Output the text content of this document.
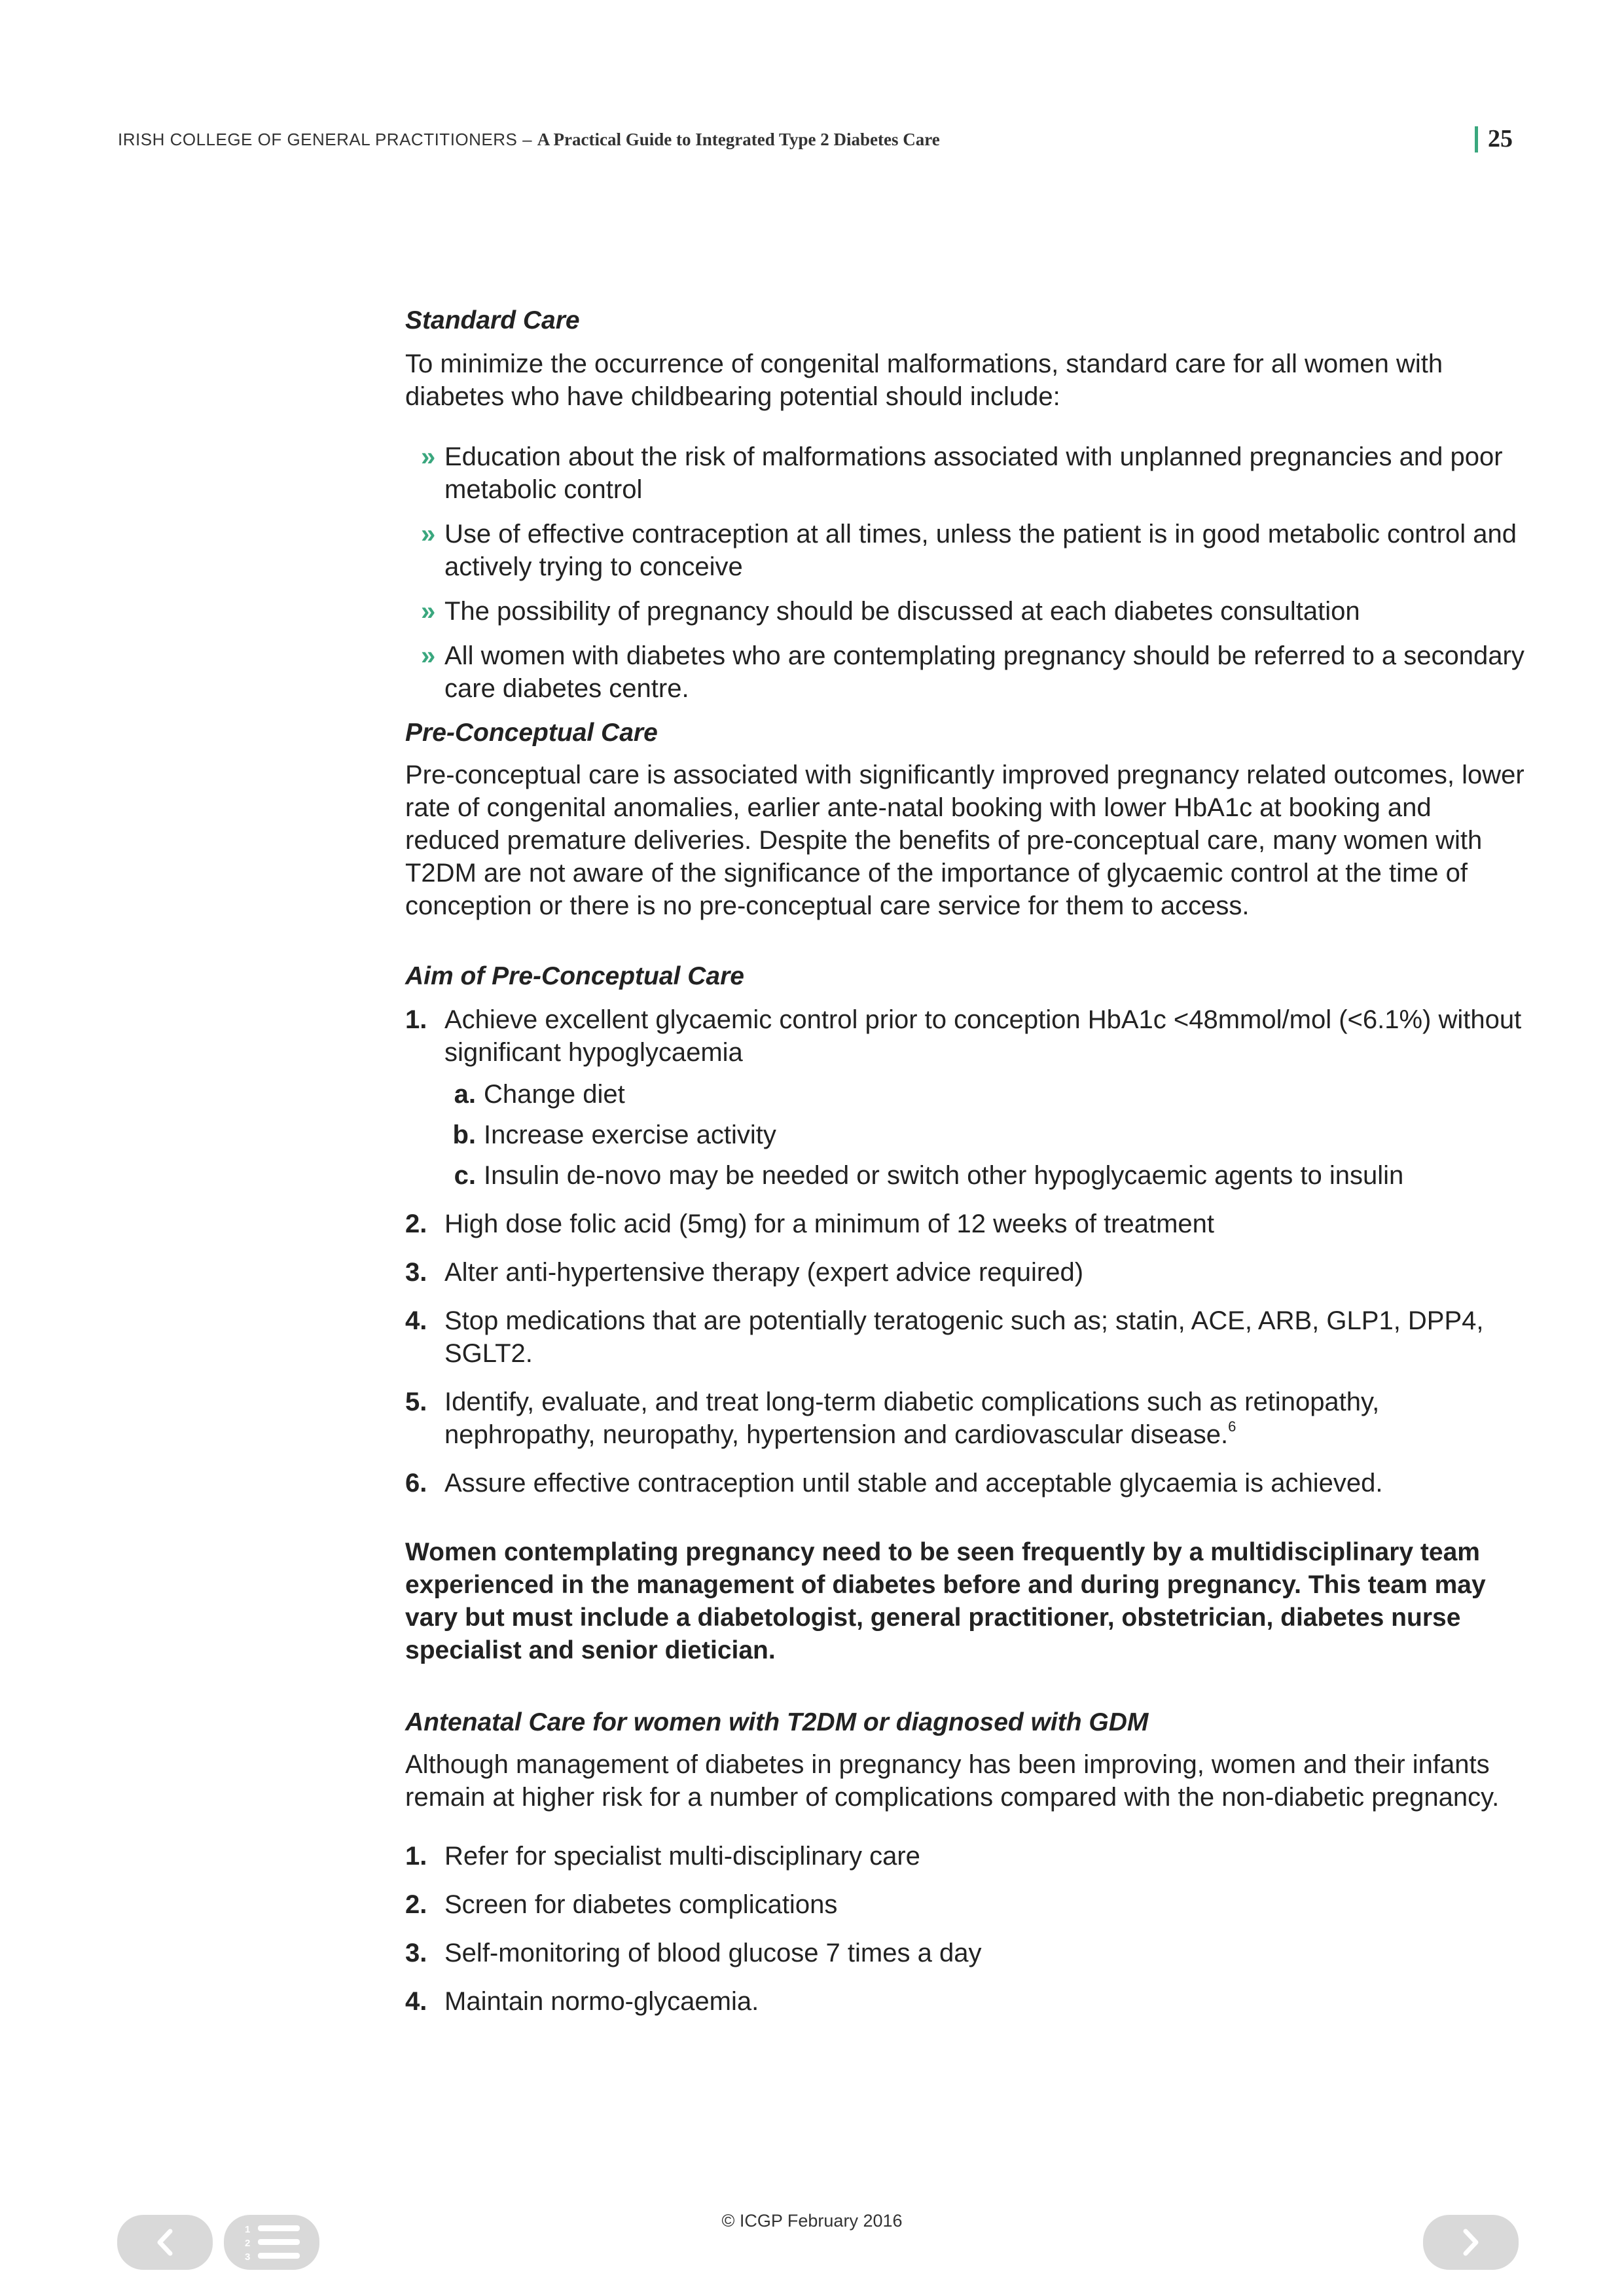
IRISH COLLEGE OF GENERAL PRACTITIONERS – A Practical Guide to Integrated Type 2 Diabetes Care	25

Standard Care

To minimize the occurrence of congenital malformations, standard care for all women with diabetes who have childbearing potential should include:

» Education about the risk of malformations associated with unplanned pregnancies and poor metabolic control
» Use of effective contraception at all times, unless the patient is in good metabolic control and actively trying to conceive
» The possibility of pregnancy should be discussed at each diabetes consultation
» All women with diabetes who are contemplating pregnancy should be referred to a secondary care diabetes centre.

Pre-Conceptual Care

Pre-conceptual care is associated with significantly improved pregnancy related outcomes, lower rate of congenital anomalies, earlier ante-natal booking with lower HbA1c at booking and reduced premature deliveries. Despite the benefits of pre-conceptual care, many women with T2DM are not aware of the significance of the importance of glycaemic control at the time of conception or there is no pre-conceptual care service for them to access.

Aim of Pre-Conceptual Care

1. Achieve excellent glycaemic control prior to conception HbA1c <48mmol/mol (<6.1%) without significant hypoglycaemia
a. Change diet
b. Increase exercise activity
c. Insulin de-novo may be needed or switch other hypoglycaemic agents to insulin
2. High dose folic acid (5mg) for a minimum of 12 weeks of treatment
3. Alter anti-hypertensive therapy (expert advice required)
4. Stop medications that are potentially teratogenic such as; statin, ACE, ARB, GLP1, DPP4, SGLT2.
5. Identify, evaluate, and treat long-term diabetic complications such as retinopathy, nephropathy, neuropathy, hypertension and cardiovascular disease.$^6$
6. Assure effective contraception until stable and acceptable glycaemia is achieved.

Women contemplating pregnancy need to be seen frequently by a multidisciplinary team experienced in the management of diabetes before and during pregnancy. This team may vary but must include a diabetologist, general practitioner, obstetrician, diabetes nurse specialist and senior dietician.

Antenatal Care for women with T2DM or diagnosed with GDM

Although management of diabetes in pregnancy has been improving, women and their infants remain at higher risk for a number of complications compared with the non-diabetic pregnancy.

1. Refer for specialist multi-disciplinary care
2. Screen for diabetes complications
3. Self-monitoring of blood glucose 7 times a day
4. Maintain normo-glycaemia.
1
2
3
© ICGP February 2016
